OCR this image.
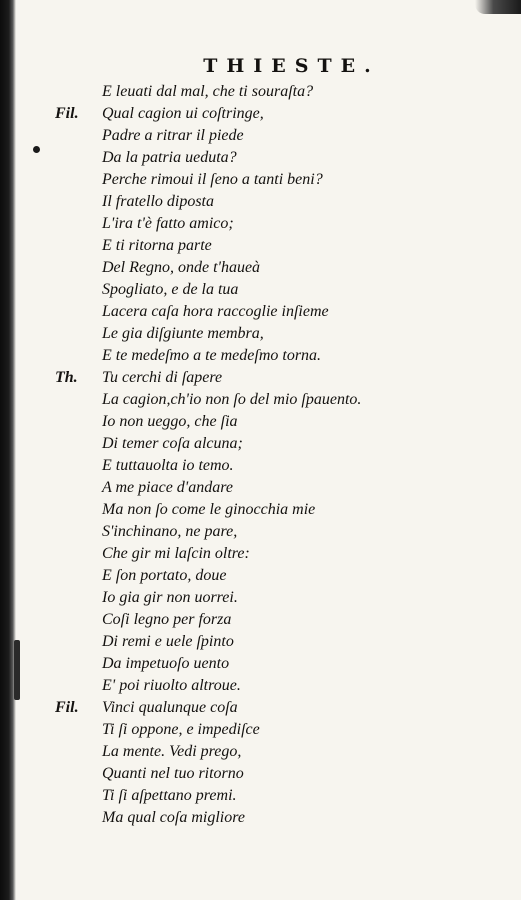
THIESTE.
E leuati dal mal, che ti souraſta?
Qual cagion ui coſtringe,
Padre a ritrar il piede
Da la patria ueduta?
Perche rimoui il ſeno a tanti beni?
Il fratello diposta
L'ira t'è fatto amico;
E ti ritorna parte
Del Regno, onde t'haueà
Spogliato, e de la tua
Lacera caſa hora raccoglie inſieme
Le gia diſgiunte membra,
E te medeſmo a te medeſmo torna.
Tu cerchi di ſapere
La cagion,ch'io non ſo del mio ſpauento.
Io non ueggo, che ſia
Di temer coſa alcuna;
E tuttauolta io temo.
A me piace d'andare
Ma non ſo come le ginocchia mie
S'inchinano, ne pare,
Che gir mi laſcin oltre:
E ſon portato, doue
Io gia gir non uorrei.
Coſi legno per forza
Di remi e uele ſpinto
Da impetuoſo uento
E' poi riuolto altroue.
Vinci qualunque coſa
Ti ſi oppone, e impediſce
La mente. Vedi prego,
Quanti nel tuo ritorno
Ti ſi aſpettano premi.
Ma qual coſa migliore
Fil.
Th.
Fil.
